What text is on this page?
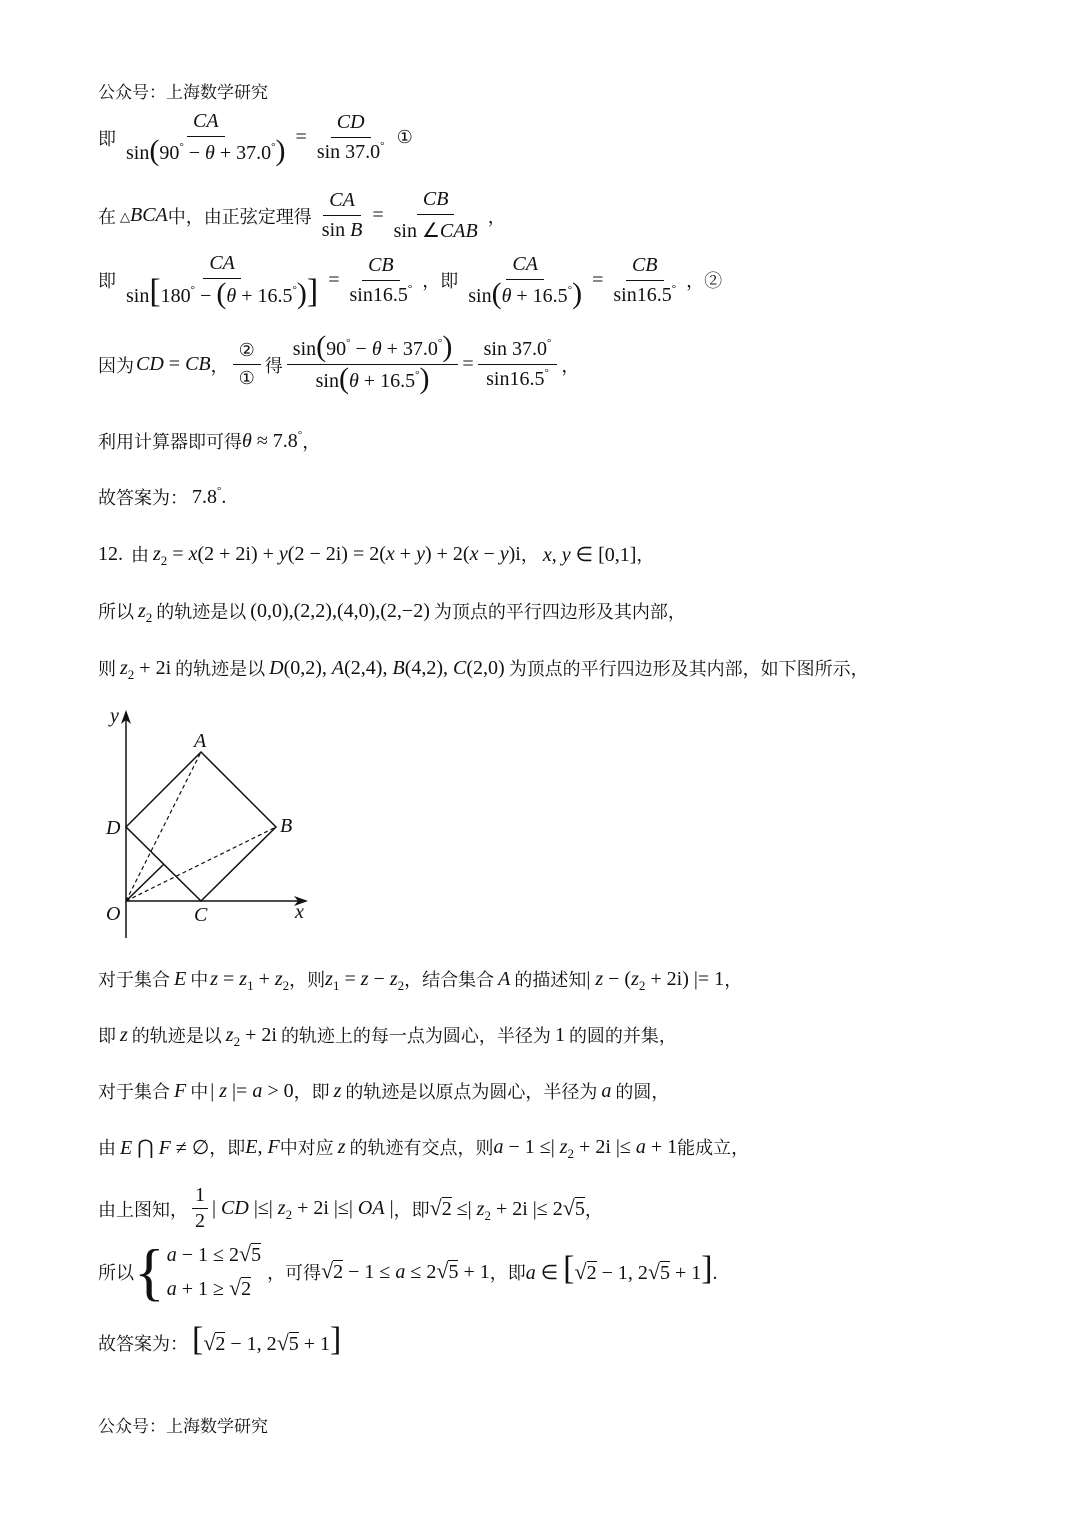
公众号：上海数学研究
即 $\frac{CA}{\sin(90^\circ - \theta + 37.0^\circ)} = \frac{CD}{\sin 37.0^\circ}$ ①
在 △BCA 中，由正弦定理得 $\frac{CA}{\text{sin B}} = \frac{CB}{\text{sin ∠CAB}}$ ，
即 $\frac{CA}{\sin[180^\circ - (\theta + 16.5^\circ)]} = \frac{CB}{\sin 16.5^\circ}$ ，即 $\frac{CA}{\sin(\theta + 16.5^\circ)} = \frac{CB}{\sin 16.5^\circ}$ ，②
因为 CD = CB ， $\frac{\text{②}}{\text{①}}$ 得 $\frac{\sin(90^\circ - \theta + 37.0^\circ)}{\sin(\theta + 16.5^\circ)} = \frac{\sin 37.0^\circ}{\sin 16.5^\circ}$ ，
利用计算器即可得 θ ≈ 7.8° ，
故答案为： 7.8°.
12. 由 $z_2 = x(2 + 2i) + y(2 - 2i) = 2(x + y) + 2(x - y)i$ ， x, y ∈ [0,1] ，
所以 $z_2$ 的轨迹是以 (0,0),(2,2),(4,0),(2,−2) 为顶点的平行四边形及其内部，
则 $z_2 + 2i$ 的轨迹是以 D(0,2), A(2,4), B(4,2), C(2,0) 为顶点的平行四边形及其内部，如下图所示，
y
A
D	B
O	C	x
对于集合 E 中 $z = z_1 + z_2$ ，则 $z_1 = z - z_2$ ，结合集合 A 的描述知 | $z - (z_2 + 2i)$ |= 1 ，
即 z 的轨迹是以 $z_2 + 2i$ 的轨迹上的每一点为圆心，半径为 1 的圆的并集，
对于集合 F 中 | z |= a > 0 ，即 z 的轨迹是以原点为圆心，半径为 a 的圆，
由 E ⋂ F ≠ ∅ ，即 E, F 中对应 z 的轨迹有交点，则 a − 1 ≤| $z_2 + 2i$ |≤ a + 1 能成立，
由上图知， $\frac{1}{2}$ | CD |≤| $z_2 + 2i$ |≤| OA | ，即 √ 2 ≤| $z_2 + 2i$ |≤ 2 √ 5 ，
所以 { a − 1 ≤ 2 √ 5
a + 1 ≥ √ 2
，可得 √ 2 − 1 ≤ a ≤ 2 √ 5 + 1 ，即 a ∈ [ √ 2 − 1, 2 √ 5 + 1].
故答案为： [ √ 2 − 1, 2 √ 5 + 1]
公众号：上海数学研究
